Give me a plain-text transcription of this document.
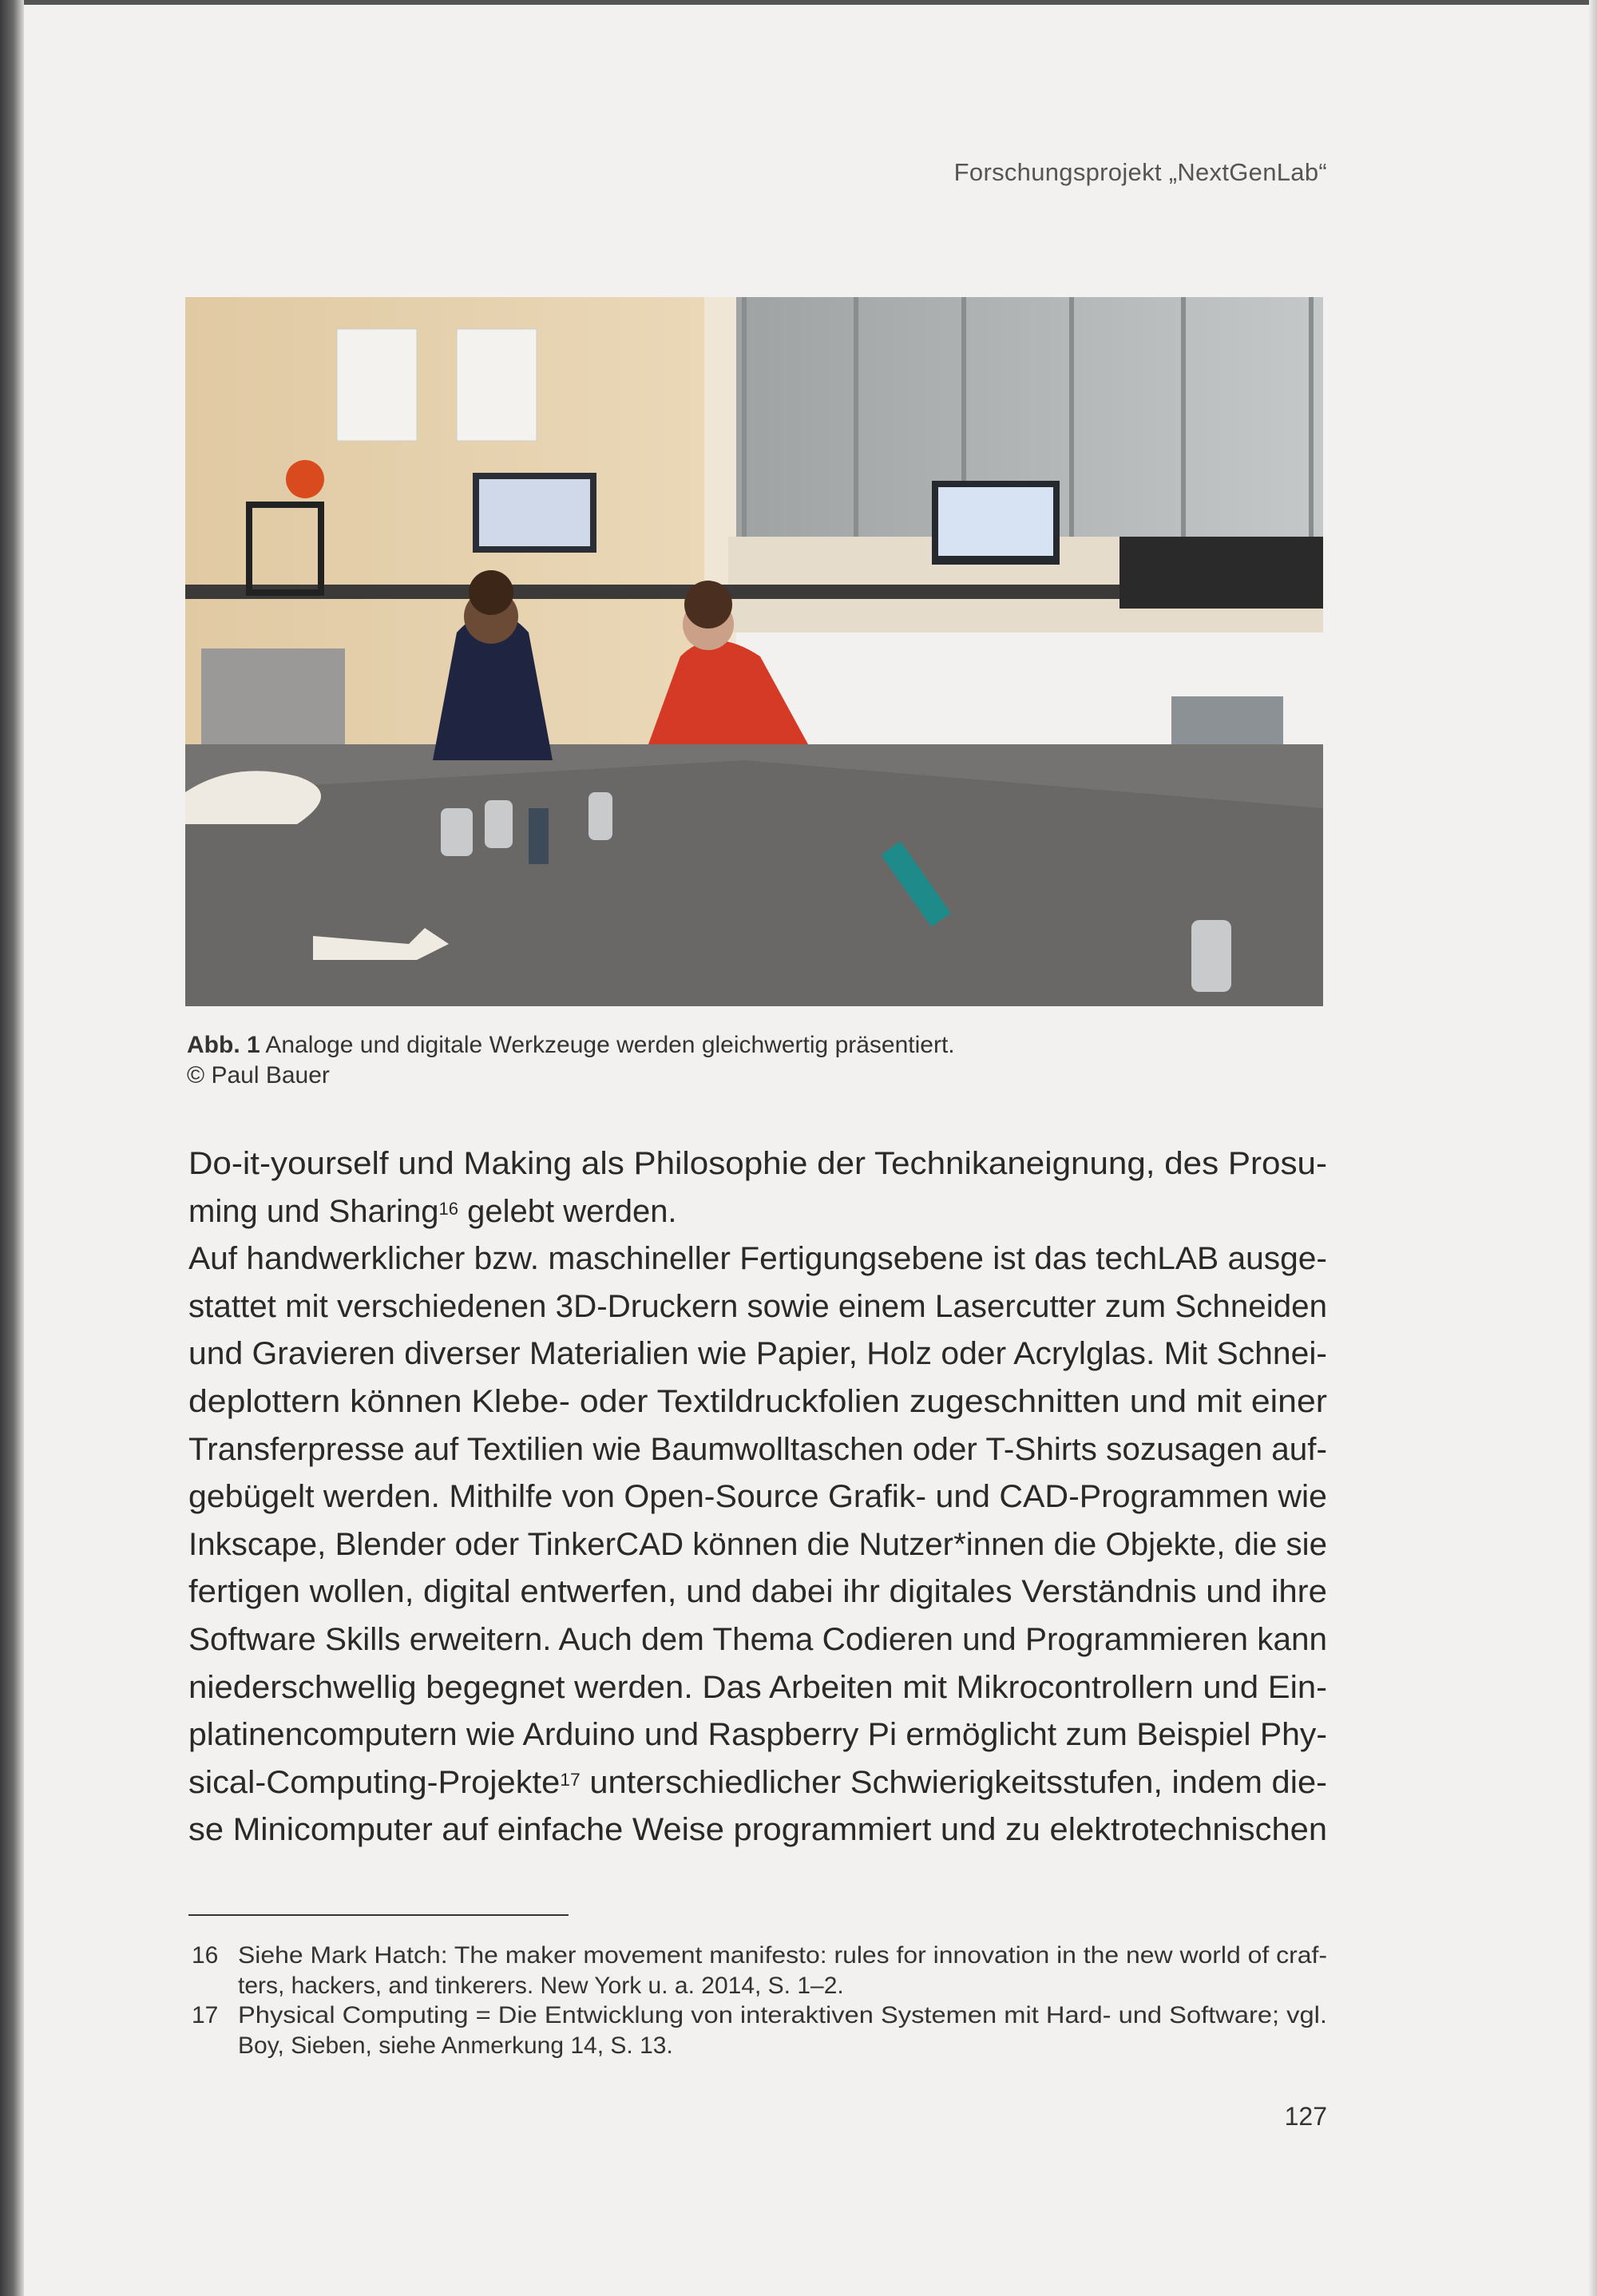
Forschungsprojekt „NextGenLab“
Abb. 1 Analoge und digitale Werkzeuge werden gleichwertig präsentiert.
© Paul Bauer
Do-it-yourself und Making als Philosophie der Technikaneignung, des Prosu-
ming und Sharing$^{16}$ gelebt werden.
Auf handwerklicher bzw. maschineller Fertigungsebene ist das techLAB ausge-
stattet mit verschiedenen 3D-Druckern sowie einem Lasercutter zum Schneiden
und Gravieren diverser Materialien wie Papier, Holz oder Acrylglas. Mit Schnei-
deplottern können Klebe- oder Textildruckfolien zugeschnitten und mit einer
Transferpresse auf Textilien wie Baumwolltaschen oder T-Shirts sozusagen auf-
gebügelt werden. Mithilfe von Open-Source Grafik- und CAD-Programmen wie
Inkscape, Blender oder TinkerCAD können die Nutzer*innen die Objekte, die sie
fertigen wollen, digital entwerfen, und dabei ihr digitales Verständnis und ihre
Software Skills erweitern. Auch dem Thema Codieren und Programmieren kann
niederschwellig begegnet werden. Das Arbeiten mit Mikrocontrollern und Ein-
platinencomputern wie Arduino und Raspberry Pi ermöglicht zum Beispiel Phy-
sical-Computing-Projekte$^{17}$ unterschiedlicher Schwierigkeitsstufen, indem die-
se Minicomputer auf einfache Weise programmiert und zu elektrotechnischen
16 Siehe Mark Hatch: The maker movement manifesto: rules for innovation in the new world of craf-
ters, hackers, and tinkerers. New York u. a. 2014, S. 1–2.
17 Physical Computing = Die Entwicklung von interaktiven Systemen mit Hard- und Software; vgl.
Boy, Sieben, siehe Anmerkung 14, S. 13.
127
